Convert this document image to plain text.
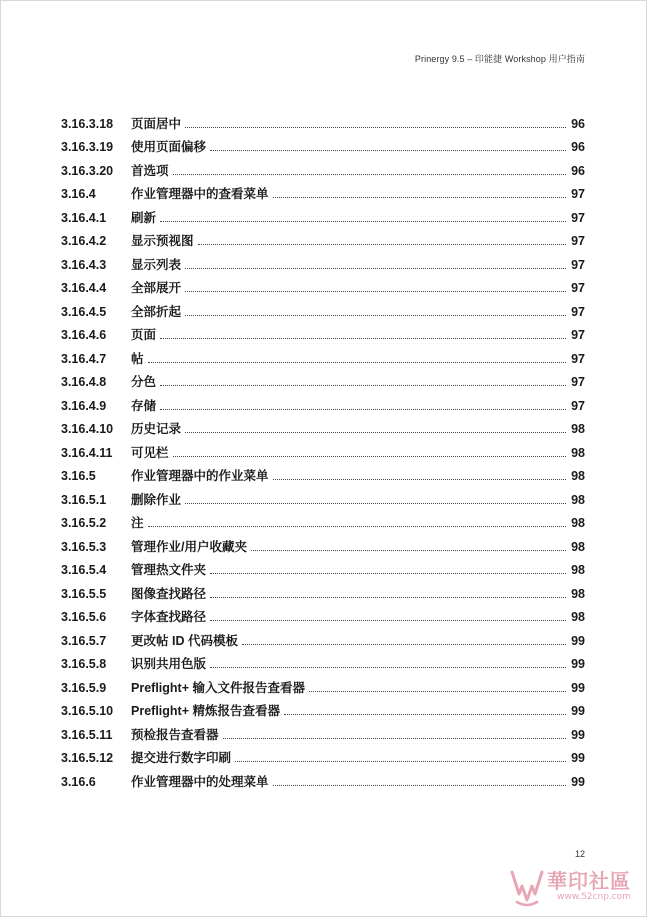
Prinergy 9.5 – 印能捷 Workshop 用户指南
3.16.3.18	页面居中	96
3.16.3.19	使用页面偏移	96
3.16.3.20	首选项	96
3.16.4	作业管理器中的查看菜单	97
3.16.4.1	刷新	97
3.16.4.2	显示预视图	97
3.16.4.3	显示列表	97
3.16.4.4	全部展开	97
3.16.4.5	全部折起	97
3.16.4.6	页面	97
3.16.4.7	帖	97
3.16.4.8	分色	97
3.16.4.9	存储	97
3.16.4.10	历史记录	98
3.16.4.11	可见栏	98
3.16.5	作业管理器中的作业菜单	98
3.16.5.1	删除作业	98
3.16.5.2	注	98
3.16.5.3	管理作业/用户收藏夹	98
3.16.5.4	管理热文件夹	98
3.16.5.5	图像查找路径	98
3.16.5.6	字体查找路径	98
3.16.5.7	更改帖 ID 代码模板	99
3.16.5.8	识别共用色版	99
3.16.5.9	Preflight+ 输入文件报告查看器	99
3.16.5.10	Preflight+ 精炼报告查看器	99
3.16.5.11	预检报告查看器	99
3.16.5.12	提交进行数字印刷	99
3.16.6	作业管理器中的处理菜单	99
12
華印社區
www.52cnp.com
